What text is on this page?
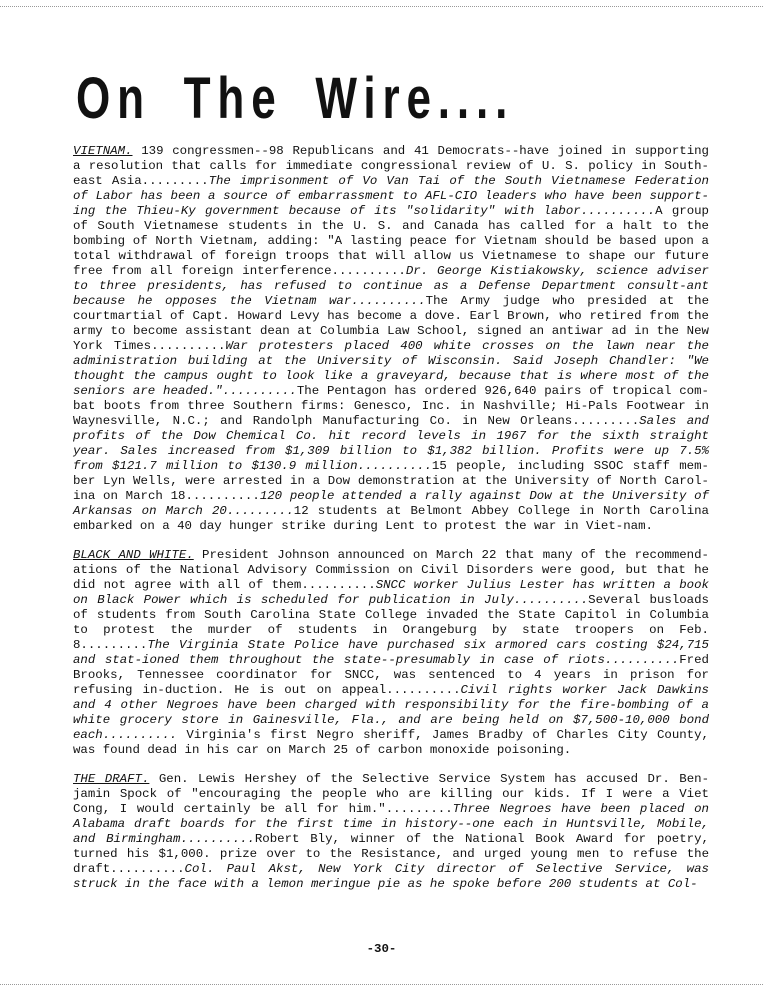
On The Wire....

VIETNAM. 139 congressmen--98 Republicans and 41 Democrats--have joined in supporting a resolution that calls for immediate congressional review of U. S. policy in South-east Asia.........The imprisonment of Vo Van Tai of the South Vietnamese Federation of Labor has been a source of embarrassment to AFL-CIO leaders who have been support-ing the Thieu-Ky government because of its "solidarity" with labor..........A group of South Vietnamese students in the U. S. and Canada has called for a halt to the bombing of North Vietnam, adding: "A lasting peace for Vietnam should be based upon a total withdrawal of foreign troops that will allow us Vietnamese to shape our future free from all foreign interference..........Dr. George Kistiakowsky, science adviser to three presidents, has refused to continue as a Defense Department consult-ant because he opposes the Vietnam war..........The Army judge who presided at the courtmartial of Capt. Howard Levy has become a dove. Earl Brown, who retired from the army to become assistant dean at Columbia Law School, signed an antiwar ad in the New York Times..........War protesters placed 400 white crosses on the lawn near the administration building at the University of Wisconsin. Said Joseph Chandler: "We thought the campus ought to look like a graveyard, because that is where most of the seniors are headed."..........The Pentagon has ordered 926,640 pairs of tropical com-bat boots from three Southern firms: Genesco, Inc. in Nashville; Hi-Pals Footwear in Waynesville, N.C.; and Randolph Manufacturing Co. in New Orleans.........Sales and profits of the Dow Chemical Co. hit record levels in 1967 for the sixth straight year. Sales increased from $1,309 billion to $1,382 billion. Profits were up 7.5% from $121.7 million to $130.9 million..........15 people, including SSOC staff mem-ber Lyn Wells, were arrested in a Dow demonstration at the University of North Carol-ina on March 18..........120 people attended a rally against Dow at the University of Arkansas on March 20.........12 students at Belmont Abbey College in North Carolina embarked on a 40 day hunger strike during Lent to protest the war in Viet-nam.

BLACK AND WHITE. President Johnson announced on March 22 that many of the recommend-ations of the National Advisory Commission on Civil Disorders were good, but that he did not agree with all of them..........SNCC worker Julius Lester has written a book on Black Power which is scheduled for publication in July..........Several busloads of students from South Carolina State College invaded the State Capitol in Columbia to protest the murder of students in Orangeburg by state troopers on Feb. 8.........The Virginia State Police have purchased six armored cars costing $24,715 and stat-ioned them throughout the state--presumably in case of riots..........Fred Brooks, Tennessee coordinator for SNCC, was sentenced to 4 years in prison for refusing in-duction. He is out on appeal..........Civil rights worker Jack Dawkins and 4 other Negroes have been charged with responsibility for the fire-bombing of a white grocery store in Gainesville, Fla., and are being held on $7,500-10,000 bond each.......... Virginia's first Negro sheriff, James Bradby of Charles City County, was found dead in his car on March 25 of carbon monoxide poisoning.

THE DRAFT. Gen. Lewis Hershey of the Selective Service System has accused Dr. Ben-jamin Spock of "encouraging the people who are killing our kids. If I were a Viet Cong, I would certainly be all for him.".........Three Negroes have been placed on Alabama draft boards for the first time in history--one each in Huntsville, Mobile, and Birmingham..........Robert Bly, winner of the National Book Award for poetry, turned his $1,000. prize over to the Resistance, and urged young men to refuse the draft..........Col. Paul Akst, New York City director of Selective Service, was struck in the face with a lemon meringue pie as he spoke before 200 students at Col-

-30-
